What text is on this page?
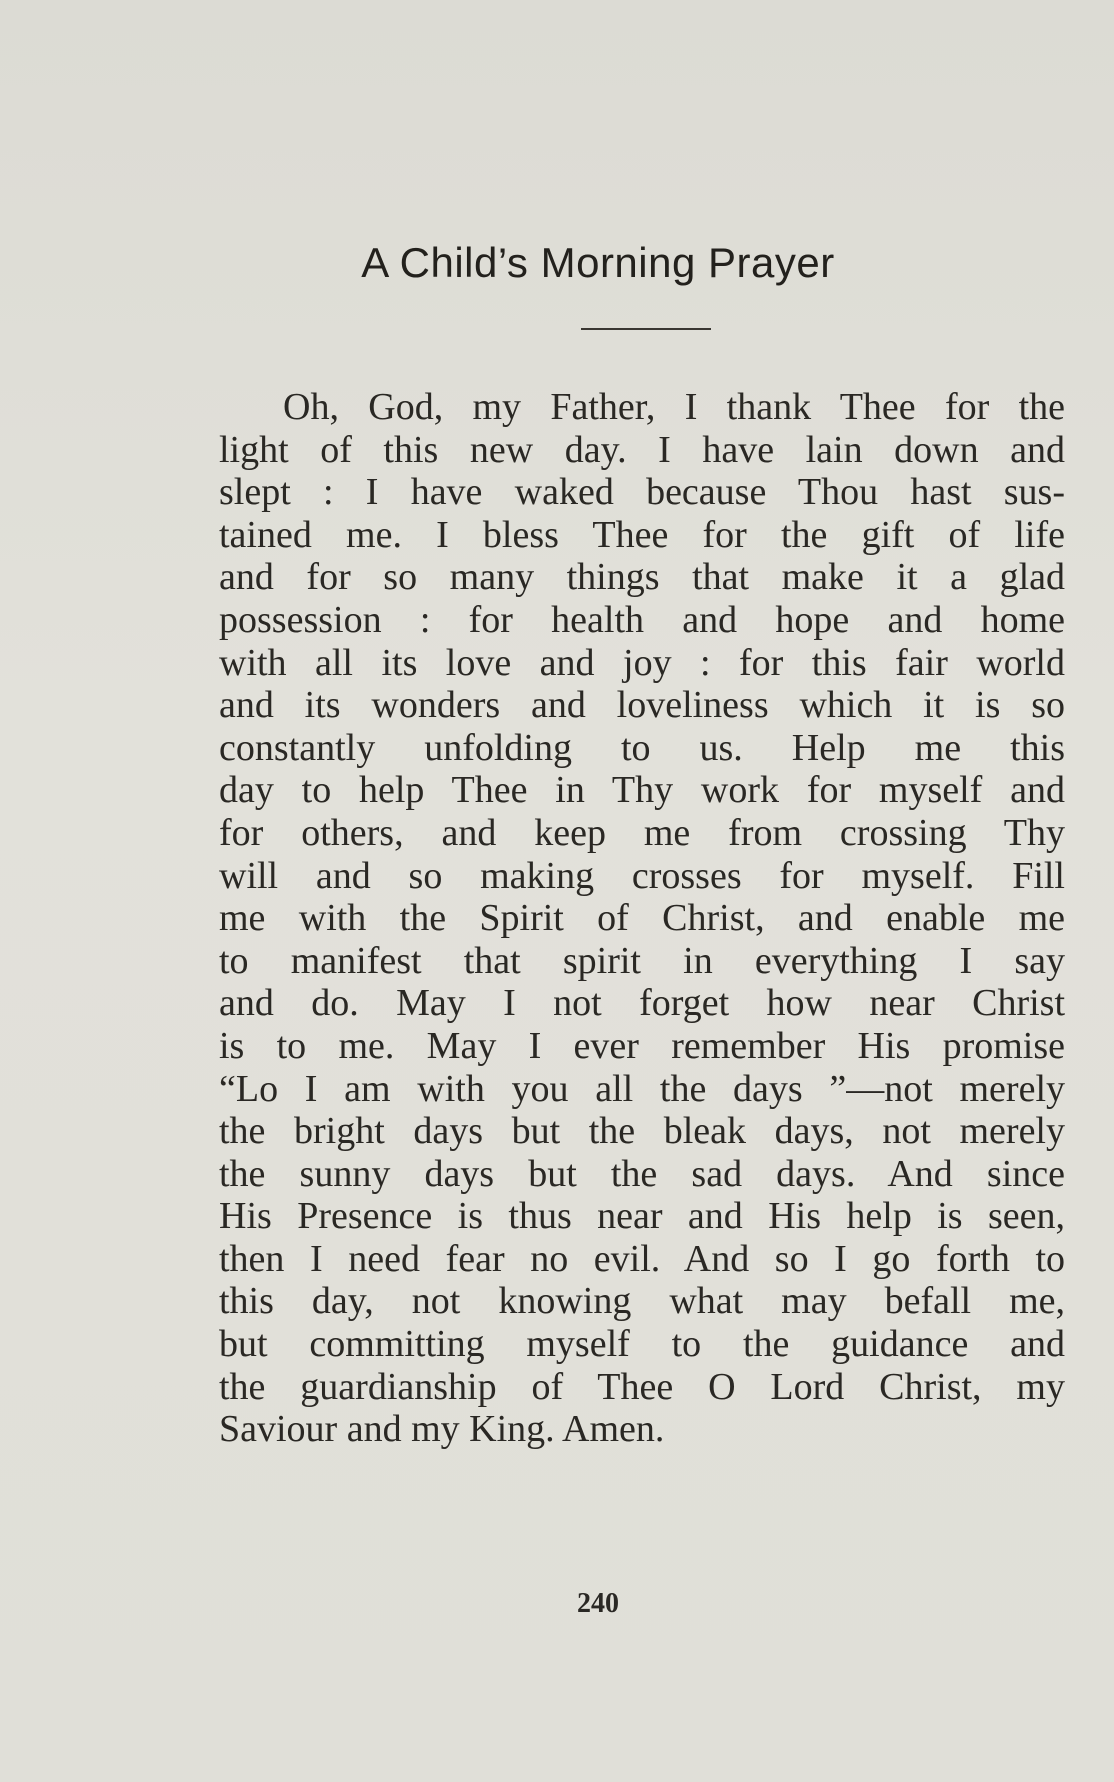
A Child’s Morning Prayer
Oh, God, my Father, I thank Thee for the
light of this new day. I have lain down and
slept : I have waked because Thou hast sus-
tained me. I bless Thee for the gift of life
and for so many things that make it a glad
possession : for health and hope and home
with all its love and joy : for this fair world
and its wonders and loveliness which it is so
constantly unfolding to us. Help me this
day to help Thee in Thy work for myself and
for others, and keep me from crossing Thy
will and so making crosses for myself. Fill
me with the Spirit of Christ, and enable me
to manifest that spirit in everything I say
and do. May I not forget how near Christ
is to me. May I ever remember His promise
“Lo I am with you all the days ”—not merely
the bright days but the bleak days, not merely
the sunny days but the sad days. And since
His Presence is thus near and His help is seen,
then I need fear no evil. And so I go forth to
this day, not knowing what may befall me,
but committing myself to the guidance and
the guardianship of Thee O Lord Christ, my
Saviour and my King. Amen.
240
